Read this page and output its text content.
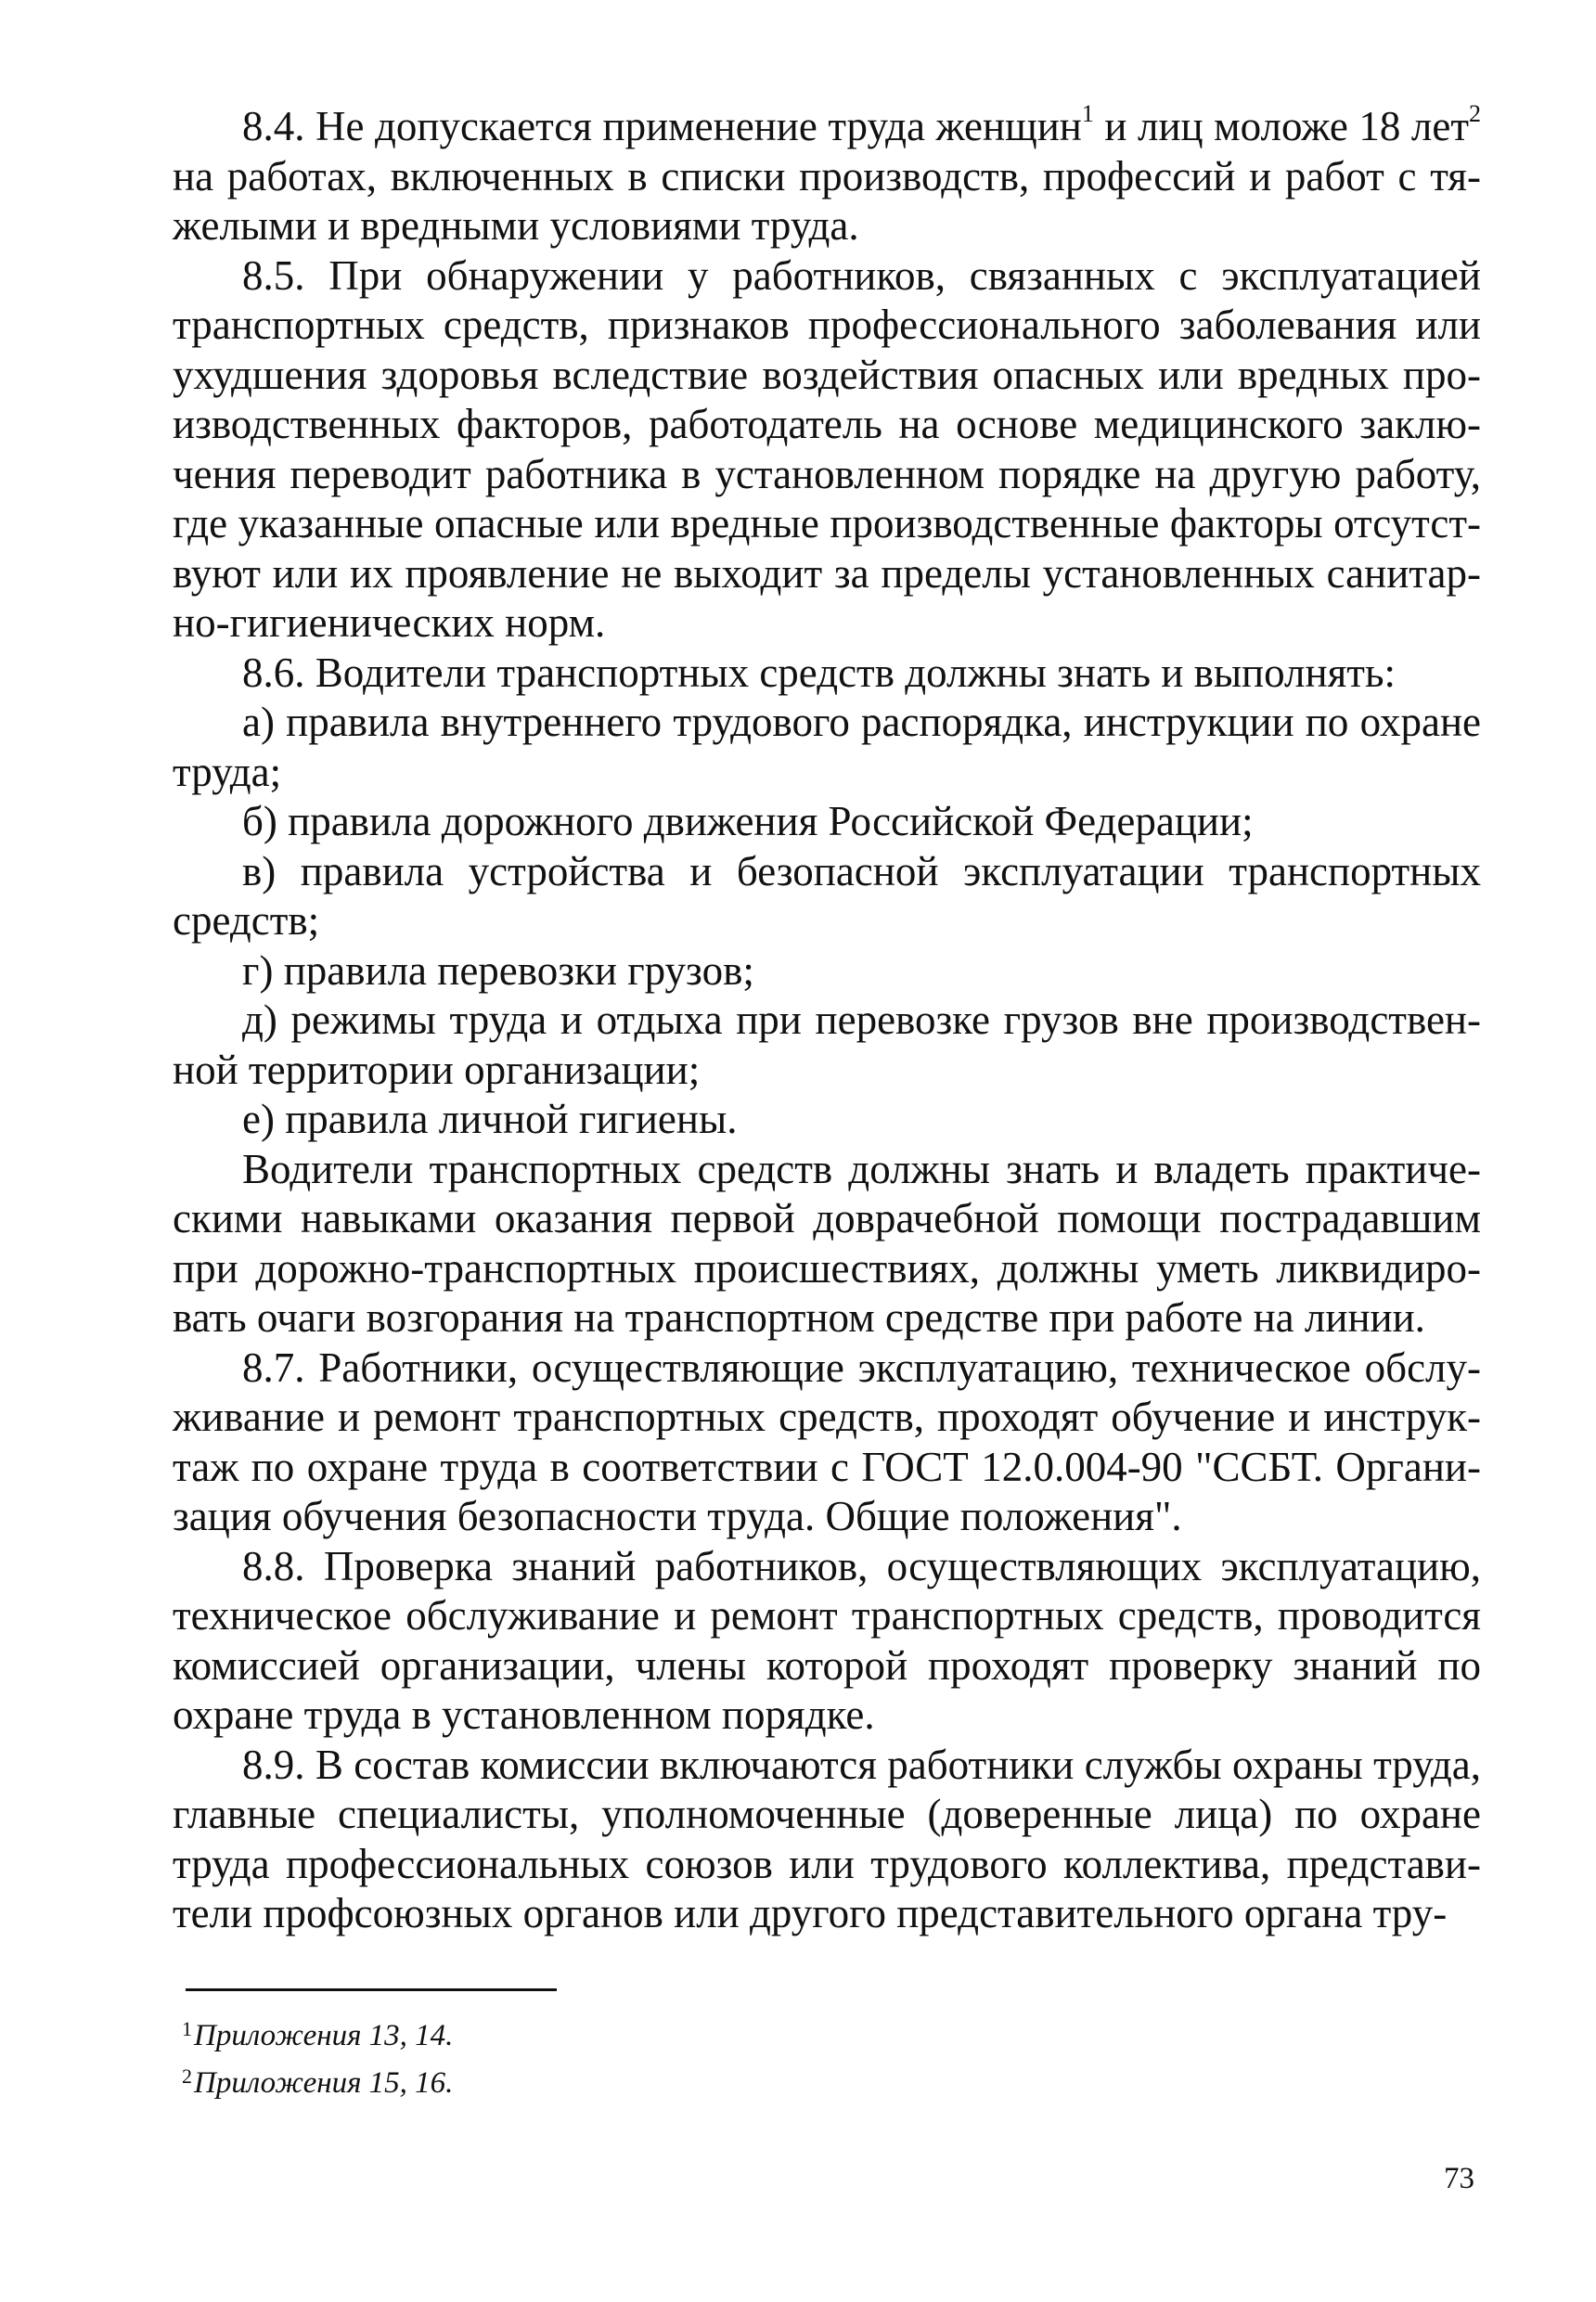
8.4. Не допускается применение труда женщин$^1$ и лиц моложе 18 лет$^2$ на работах, включенных в списки производств, профессий и работ с тяжелыми и вредными условиями труда.

8.5. При обнаружении у работников, связанных с эксплуатацией транспортных средств, признаков профессионального заболевания или ухудшения здоровья вследствие воздействия опасных или вредных производственных факторов, работодатель на основе медицинского заключения переводит работника в установленном порядке на другую работу, где указанные опасные или вредные производственные факторы отсутствуют или их проявление не выходит за пределы установленных санитарно-гигиенических норм.

8.6. Водители транспортных средств должны знать и выполнять:

а) правила внутреннего трудового распорядка, инструкции по охране труда;

б) правила дорожного движения Российской Федерации;

в) правила устройства и безопасной эксплуатации транспортных средств;

г) правила перевозки грузов;

д) режимы труда и отдыха при перевозке грузов вне производственной территории организации;

е) правила личной гигиены.

Водители транспортных средств должны знать и владеть практическими навыками оказания первой доврачебной помощи пострадавшим при дорожно-транспортных происшествиях, должны уметь ликвидировать очаги возгорания на транспортном средстве при работе на линии.

8.7. Работники, осуществляющие эксплуатацию, техническое обслуживание и ремонт транспортных средств, проходят обучение и инструктаж по охране труда в соответствии с ГОСТ 12.0.004-90 "ССБТ. Организация обучения безопасности труда. Общие положения".

8.8. Проверка знаний работников, осуществляющих эксплуатацию, техническое обслуживание и ремонт транспортных средств, проводится комиссией организации, члены которой проходят проверку знаний по охране труда в установленном порядке.

8.9. В состав комиссии включаются работники службы охраны труда, главные специалисты, уполномоченные (доверенные лица) по охране труда профессиональных союзов или трудового коллектива, представители профсоюзных органов или другого представительного органа тру-

$^1$Приложения 13, 14.

$^2$Приложения 15, 16.

73
